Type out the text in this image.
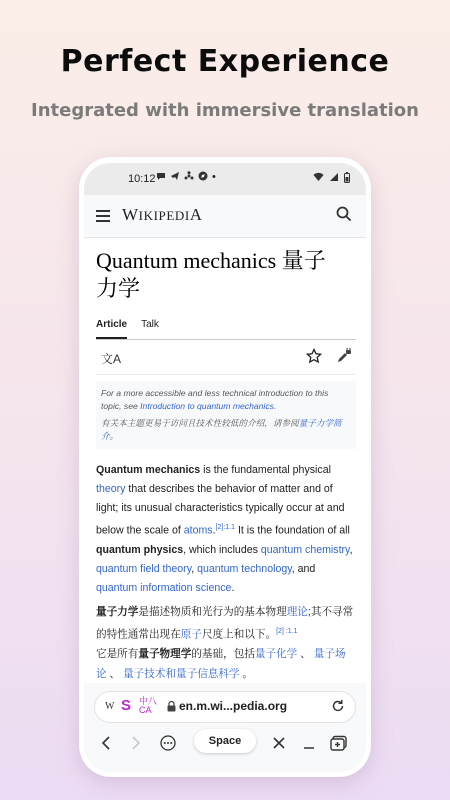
Perfect Experience
Integrated with immersive translation
10:12	•
WIKIPEDIA
Quantum mechanics 量子
力学
Article Talk
文A
For a more accessible and less technical introduction to this topic, see Introduction to quantum mechanics.
有关本主题更易于访问且技术性较低的介绍，请参阅量子力学简介。
Quantum mechanics is the fundamental physical theory that describes the behavior of matter and of light; its unusual characteristics typically occur at and below the scale of atoms.$^{[2]:1.1}$ It is the foundation of all quantum physics, which includes quantum chemistry, quantum field theory, quantum technology, and quantum information science.
量子力学是描述物质和光行为的基本物理理论;其不寻常的特性通常出现在原子尺度上和以下。$^{[2] :1.1}$
它是所有量子物理学的基础，包括量子化学 、 量子场论 、 量子技术和量子信息科学 。
W S 中八
CA	en.m.wi...pedia.org
Space
